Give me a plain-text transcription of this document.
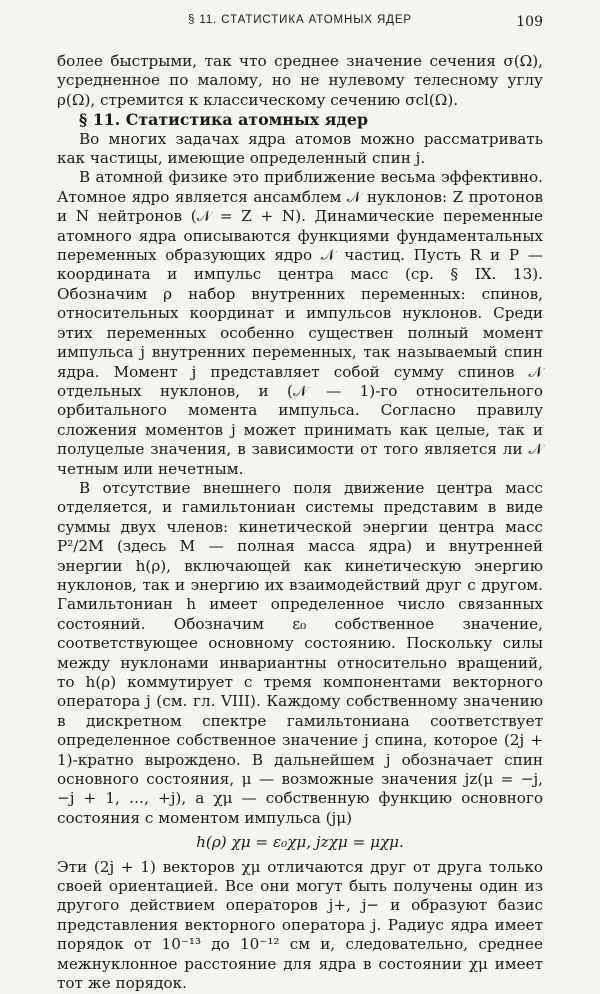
§ 11. СТАТИСТИКА АТОМНЫХ ЯДЕР	109

более быстрыми, так что среднее значение сечения σ(Ω), усредненное по малому, но не нулевому телесному углу ρ(Ω), стремится к классическому сечению σcl(Ω).

§ 11. Статистика атомных ядер

Во многих задачах ядра атомов можно рассматривать как частицы, имеющие определенный спин j.

В атомной физике это приближение весьма эффективно. Атомное ядро является ансамблем 𝒩 нуклонов: Z протонов и N нейтронов (𝒩 = Z + N). Динамические переменные атомного ядра описываются функциями фундаментальных переменных образующих ядро 𝒩 частиц. Пусть R и P — координата и импульс центра масс (ср. § IX. 13). Обозначим ρ набор внутренних переменных: спинов, относительных координат и импульсов нуклонов. Среди этих переменных особенно существен полный момент импульса j внутренних переменных, так называемый спин ядра. Момент j представляет собой сумму спинов 𝒩 отдельных нуклонов, и (𝒩 — 1)-го относительного орбитального момента импульса. Согласно правилу сложения моментов j может принимать как целые, так и полуцелые значения, в зависимости от того является ли 𝒩 четным или нечетным.

В отсутствие внешнего поля движение центра масс отделяется, и гамильтониан системы представим в виде суммы двух членов: кинетической энергии центра масс P²/2M (здесь M — полная масса ядра) и внутренней энергии h(ρ), включающей как кинетическую энергию нуклонов, так и энергию их взаимодействий друг с другом. Гамильтониан h имеет определенное число связанных состояний. Обозначим ε₀ собственное значение, соответствующее основному состоянию. Поскольку силы между нуклонами инвариантны относительно вращений, то h(ρ) коммутирует с тремя компонентами векторного оператора j (см. гл. VIII). Каждому собственному значению в дискретном спектре гамильтониана соответствует определенное собственное значение j спина, которое (2j + 1)-кратно вырождено. В дальнейшем j обозначает спин основного состояния, μ — возможные значения jz(μ = −j, −j + 1, …, +j), а χμ — собственную функцию основного состояния с моментом импульса (jμ)

h(ρ) χμ = ε₀χμ, jzχμ = μχμ.

Эти (2j + 1) векторов χμ отличаются друг от друга только своей ориентацией. Все они могут быть получены один из другого действием операторов j+, j− и образуют базис представления векторного оператора j. Радиус ядра имеет порядок от 10⁻¹³ до 10⁻¹² см и, следовательно, среднее межнуклонное расстояние для ядра в состоянии χμ имеет тот же порядок.
